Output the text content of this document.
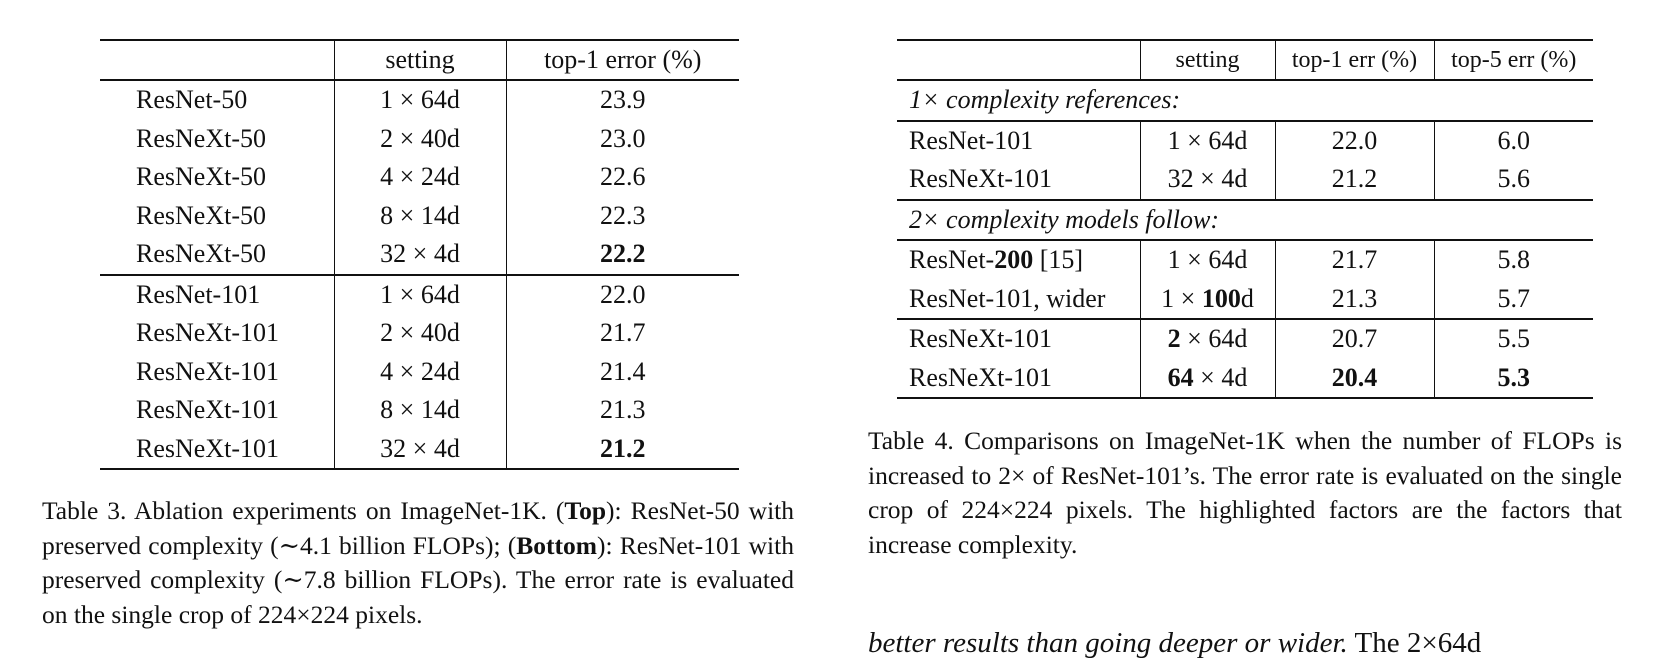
	setting	top-1 error (%)
ResNet-50	1 × 64d	23.9
ResNeXt-50	2 × 40d	23.0
ResNeXt-50	4 × 24d	22.6
ResNeXt-50	8 × 14d	22.3
ResNeXt-50	32 × 4d	22.2
ResNet-101	1 × 64d	22.0
ResNeXt-101	2 × 40d	21.7
ResNeXt-101	4 × 24d	21.4
ResNeXt-101	8 × 14d	21.3
ResNeXt-101	32 × 4d	21.2
	setting	top-1 err (%)	top-5 err (%)
1× complexity references:			
ResNet-101	1 × 64d	22.0	6.0
ResNeXt-101	32 × 4d	21.2	5.6
2× complexity models follow:			
ResNet-200 [15]	1 × 64d	21.7	5.8
ResNet-101, wider	1 × 100d	21.3	5.7
ResNeXt-101	2 × 64d	20.7	5.5
ResNeXt-101	64 × 4d	20.4	5.3

Table 3. Ablation experiments on ImageNet-1K. (Top): ResNet-50 with preserved complexity (∼4.1 billion FLOPs); (Bottom): ResNet-101 with preserved complexity (∼7.8 billion FLOPs). The error rate is evaluated on the single crop of 224×224 pixels.

Table 4. Comparisons on ImageNet-1K when the number of FLOPs is increased to 2× of ResNet-101’s. The error rate is evaluated on the single crop of 224×224 pixels. The highlighted factors are the factors that increase complexity.

better results than going deeper or wider. The 2×64d
